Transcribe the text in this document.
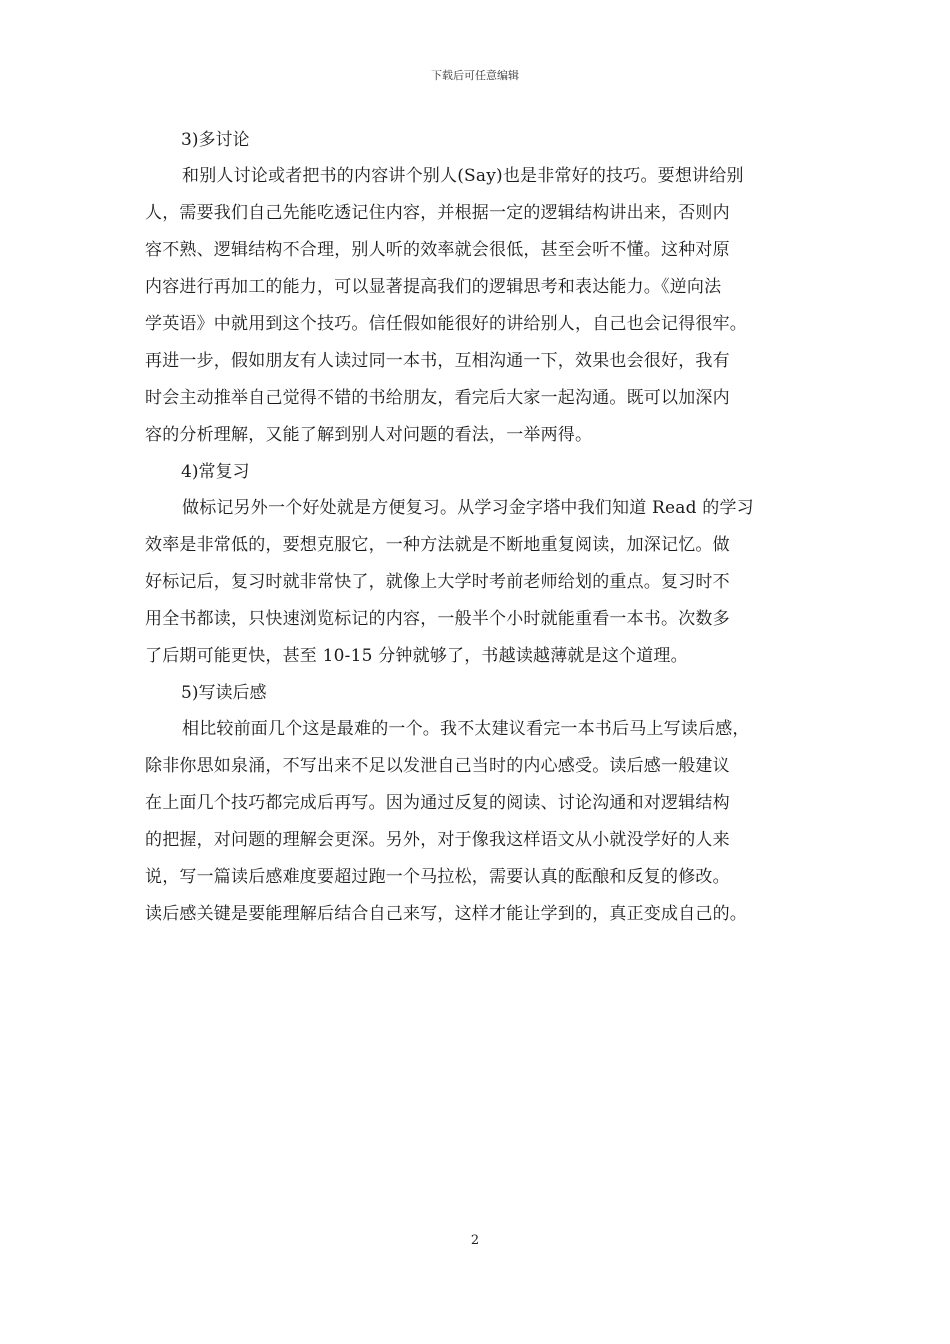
下载后可任意编辑
3)多讨论
和别人讨论或者把书的内容讲个别人(Say)也是非常好的技巧。要想讲给别
人，需要我们自己先能吃透记住内容，并根据一定的逻辑结构讲出来，否则内
容不熟、逻辑结构不合理，别人听的效率就会很低，甚至会听不懂。这种对原
内容进行再加工的能力，可以显著提高我们的逻辑思考和表达能力。《逆向法
学英语》中就用到这个技巧。信任假如能很好的讲给别人，自己也会记得很牢。
再进一步，假如朋友有人读过同一本书，互相沟通一下，效果也会很好，我有
时会主动推举自己觉得不错的书给朋友，看完后大家一起沟通。既可以加深内
容的分析理解，又能了解到别人对问题的看法，一举两得。
4)常复习
做标记另外一个好处就是方便复习。从学习金字塔中我们知道 Read 的学习
效率是非常低的，要想克服它，一种方法就是不断地重复阅读，加深记忆。做
好标记后，复习时就非常快了，就像上大学时考前老师给划的重点。复习时不
用全书都读，只快速浏览标记的内容，一般半个小时就能重看一本书。次数多
了后期可能更快，甚至 10-15 分钟就够了，书越读越薄就是这个道理。
5)写读后感
相比较前面几个这是最难的一个。我不太建议看完一本书后马上写读后感，
除非你思如泉涌，不写出来不足以发泄自己当时的内心感受。读后感一般建议
在上面几个技巧都完成后再写。因为通过反复的阅读、讨论沟通和对逻辑结构
的把握，对问题的理解会更深。另外，对于像我这样语文从小就没学好的人来
说，写一篇读后感难度要超过跑一个马拉松，需要认真的酝酿和反复的修改。
读后感关键是要能理解后结合自己来写，这样才能让学到的，真正变成自己的。
2
